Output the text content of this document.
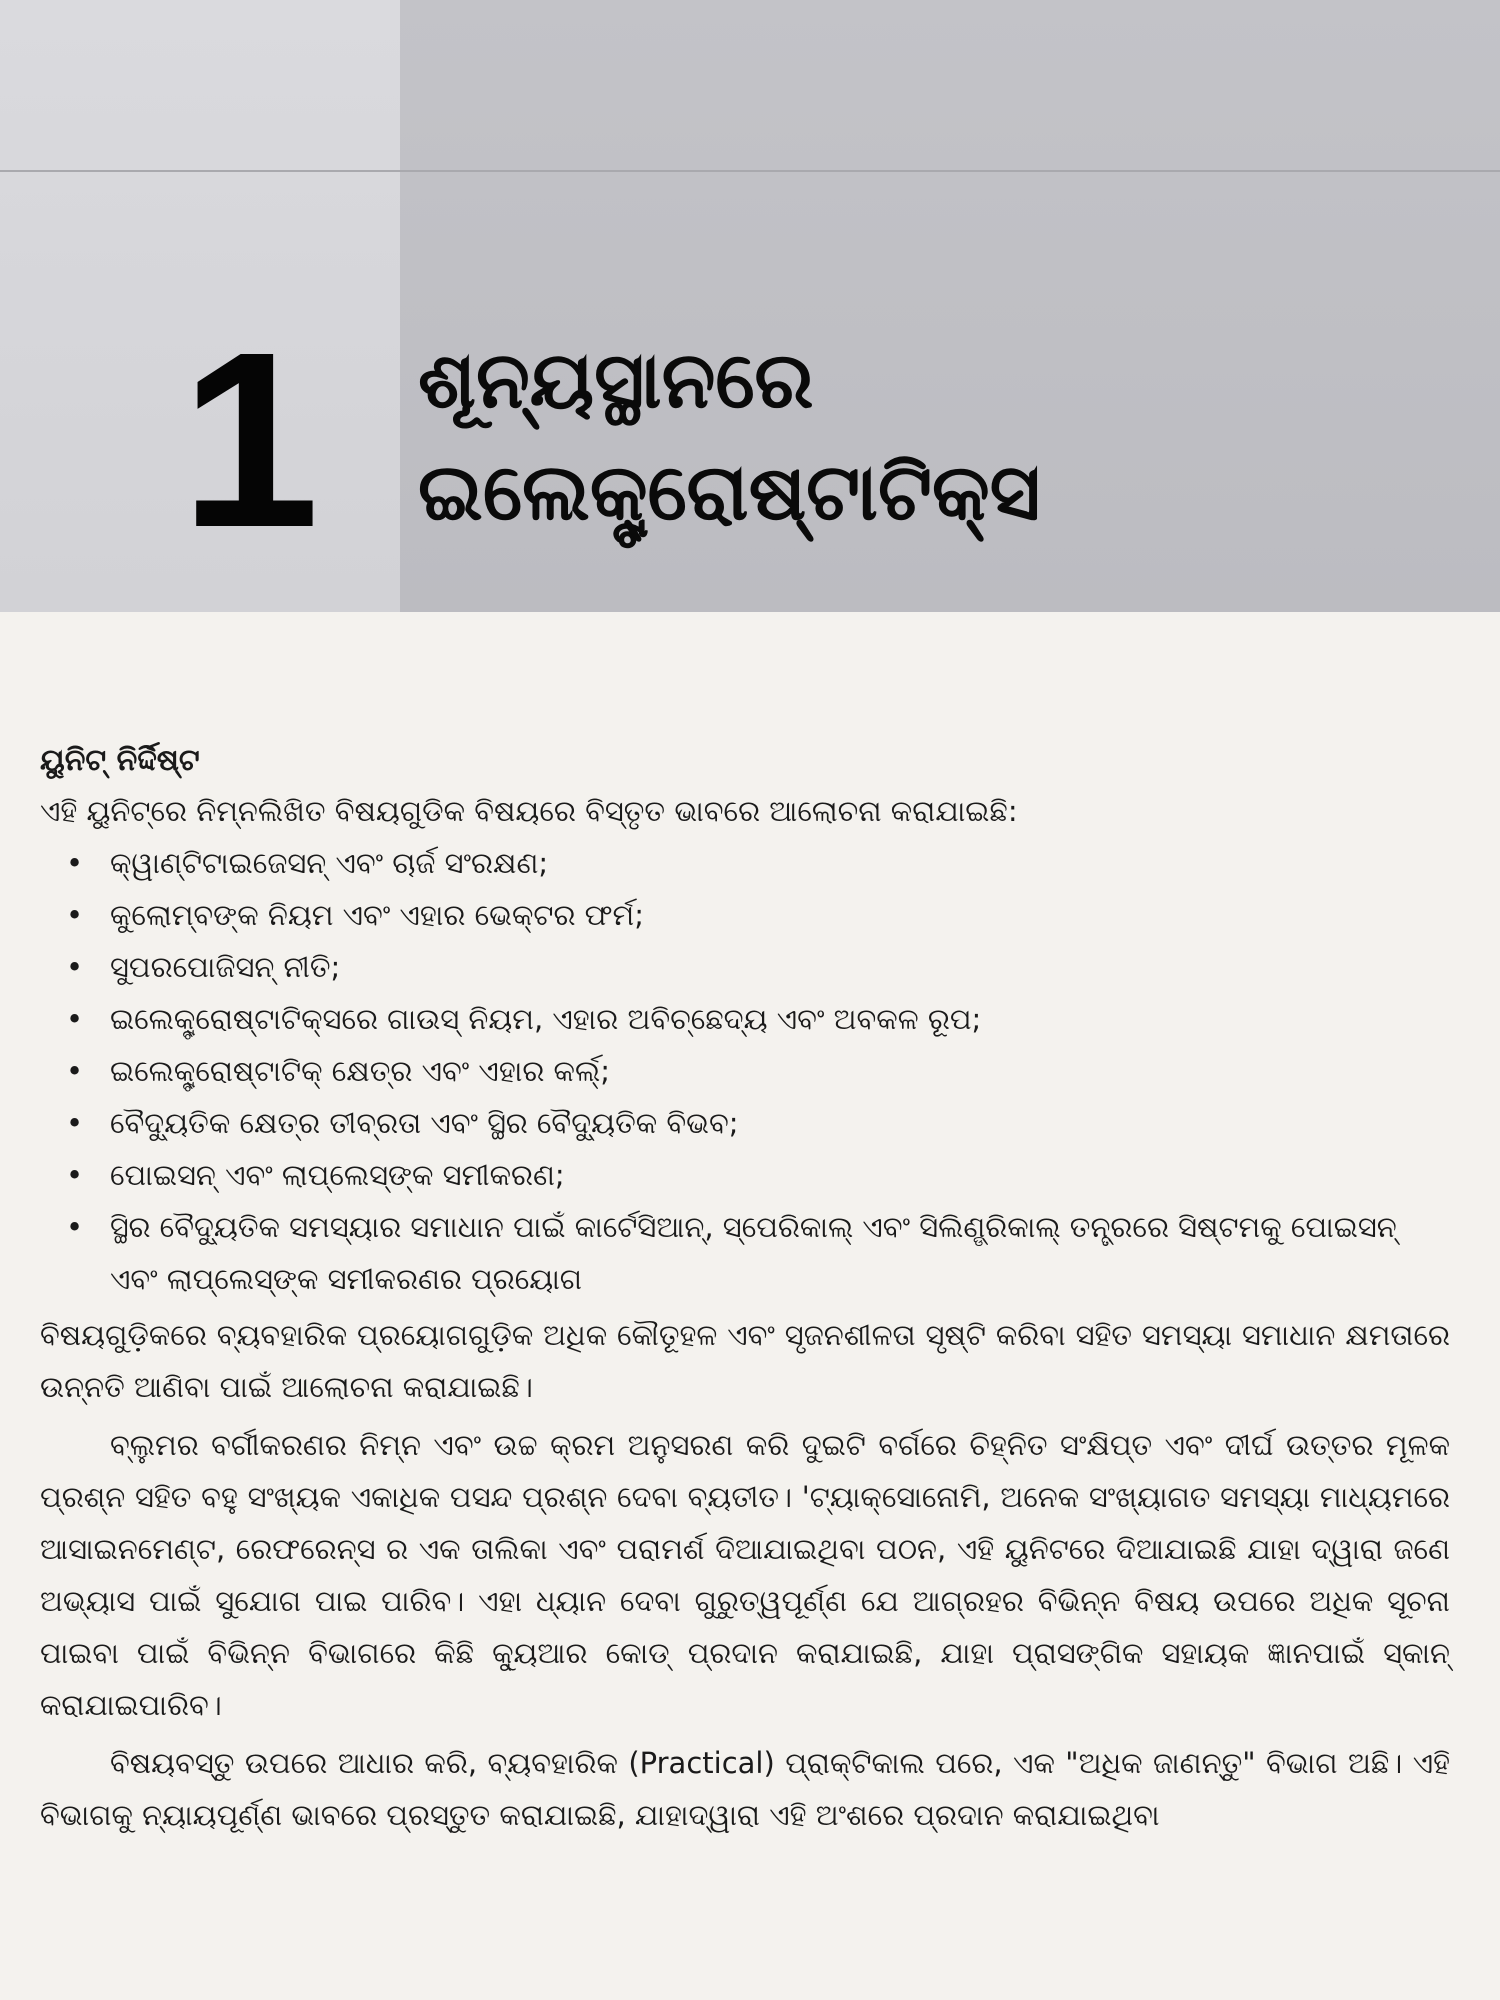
1	ଶୂନ୍ୟସ୍ଥାନରେ
ଇଲେକ୍ଟ୍ରୋଷ୍ଟାଟିକ୍ସ
ୟୁନିଟ୍ ନିର୍ଦ୍ଦିଷ୍ଟ

ଏହି ୟୁନିଟ୍‌ରେ ନିମ୍ନଲିଖିତ ବିଷୟଗୁଡିକ ବିଷୟରେ ବିସ୍ତୃତ ଭାବରେ ଆଲୋଚନା କରାଯାଇଛି:

• କ୍ୱାଣ୍ଟିଟାଇଜେସନ୍ ଏବଂ ଚାର୍ଜ ସଂରକ୍ଷଣ;
• କୁଲୋମ୍ବଙ୍କ ନିୟମ ଏବଂ ଏହାର ଭେକ୍ଟର ଫର୍ମ;
• ସୁପରପୋଜିସନ୍ ନୀତି;
• ଇଲେକ୍ଟ୍ରୋଷ୍ଟାଟିକ୍ସରେ ଗାଉସ୍ ନିୟମ, ଏହାର ଅବିଚ୍ଛେଦ୍ୟ ଏବଂ ଅବକଳ ରୂପ;
• ଇଲେକ୍ଟ୍ରୋଷ୍ଟାଟିକ୍ କ୍ଷେତ୍ର ଏବଂ ଏହାର କର୍ଲ୍;
• ବୈଦ୍ୟୁତିକ କ୍ଷେତ୍ର ତୀବ୍ରତା ଏବଂ ସ୍ଥିର ବୈଦ୍ୟୁତିକ ବିଭବ;
• ପୋଇସନ୍ ଏବଂ ଲାପ୍ଲେସ୍‌ଙ୍କ ସମୀକରଣ;
• ସ୍ଥିର ବୈଦ୍ୟୁତିକ ସମସ୍ୟାର ସମାଧାନ ପାଇଁ କାର୍ଟେସିଆନ୍, ସ୍ପେରିକାଲ୍ ଏବଂ ସିଲିଣ୍ଡ୍ରିକାଲ୍ ତନ୍ତ୍ରରେ ସିଷ୍ଟମକୁ ପୋଇସନ୍ ଏବଂ ଲାପ୍ଲେସ୍‌ଙ୍କ ସମୀକରଣର ପ୍ରୟୋଗ

ବିଷୟଗୁଡ଼ିକରେ ବ୍ୟବହାରିକ ପ୍ରୟୋଗଗୁଡ଼ିକ ଅଧିକ କୌତୂହଳ ଏବଂ ସୃଜନଶୀଳତା ସୃଷ୍ଟି କରିବା ସହିତ ସମସ୍ୟା ସମାଧାନ କ୍ଷମତାରେ ଉନ୍ନତି ଆଣିବା ପାଇଁ ଆଲୋଚନା କରାଯାଇଛି।

ବ୍ଲୁମର ବର୍ଗୀକରଣର ନିମ୍ନ ଏବଂ ଉଚ୍ଚ କ୍ରମ ଅନୁସରଣ କରି ଦୁଇଟି ବର୍ଗରେ ଚିହ୍ନିତ ସଂକ୍ଷିପ୍ତ ଏବଂ ଦୀର୍ଘ ଉତ୍ତର ମୂଳକ ପ୍ରଶ୍ନ ସହିତ ବହୁ ସଂଖ୍ୟକ ଏକାଧିକ ପସନ୍ଦ ପ୍ରଶ୍ନ ଦେବା ବ୍ୟତୀତ। 'ଟ୍ୟାକ୍ସୋନୋମି, ଅନେକ ସଂଖ୍ୟାଗତ ସମସ୍ୟା ମାଧ୍ୟମରେ ଆସାଇନମେଣ୍ଟ, ରେଫରେନ୍ସ ର ଏକ ତାଲିକା ଏବଂ ପରାମର୍ଶ ଦିଆଯାଇଥିବା ପଠନ, ଏହି ୟୁନିଟରେ ଦିଆଯାଇଛି ଯାହା ଦ୍ୱାରା ଜଣେ ଅଭ୍ୟାସ ପାଇଁ ସୁଯୋଗ ପାଇ ପାରିବ। ଏହା ଧ୍ୟାନ ଦେବା ଗୁରୁତ୍ୱପୂର୍ଣ୍ଣ ଯେ ଆଗ୍ରହର ବିଭିନ୍ନ ବିଷୟ ଉପରେ ଅଧିକ ସୂଚନା ପାଇବା ପାଇଁ ବିଭିନ୍ନ ବିଭାଗରେ କିଛି କ୍ୟୁଆର କୋଡ୍ ପ୍ରଦାନ କରାଯାଇଛି, ଯାହା ପ୍ରାସଙ୍ଗିକ ସହାୟକ ଜ୍ଞାନପାଇଁ ସ୍କାନ୍ କରାଯାଇପାରିବ।

ବିଷୟବସ୍ତୁ ଉପରେ ଆଧାର କରି, ବ୍ୟବହାରିକ (Practical) ପ୍ରାକ୍ଟିକାଲ ପରେ, ଏକ "ଅଧିକ ଜାଣନ୍ତୁ" ବିଭାଗ ଅଛି। ଏହି ବିଭାଗକୁ ନ୍ୟାୟପୂର୍ଣ୍ଣ ଭାବରେ ପ୍ରସ୍ତୁତ କରାଯାଇଛି, ଯାହାଦ୍ୱାରା ଏହି ଅଂଶରେ ପ୍ରଦାନ କରାଯାଇଥିବା
